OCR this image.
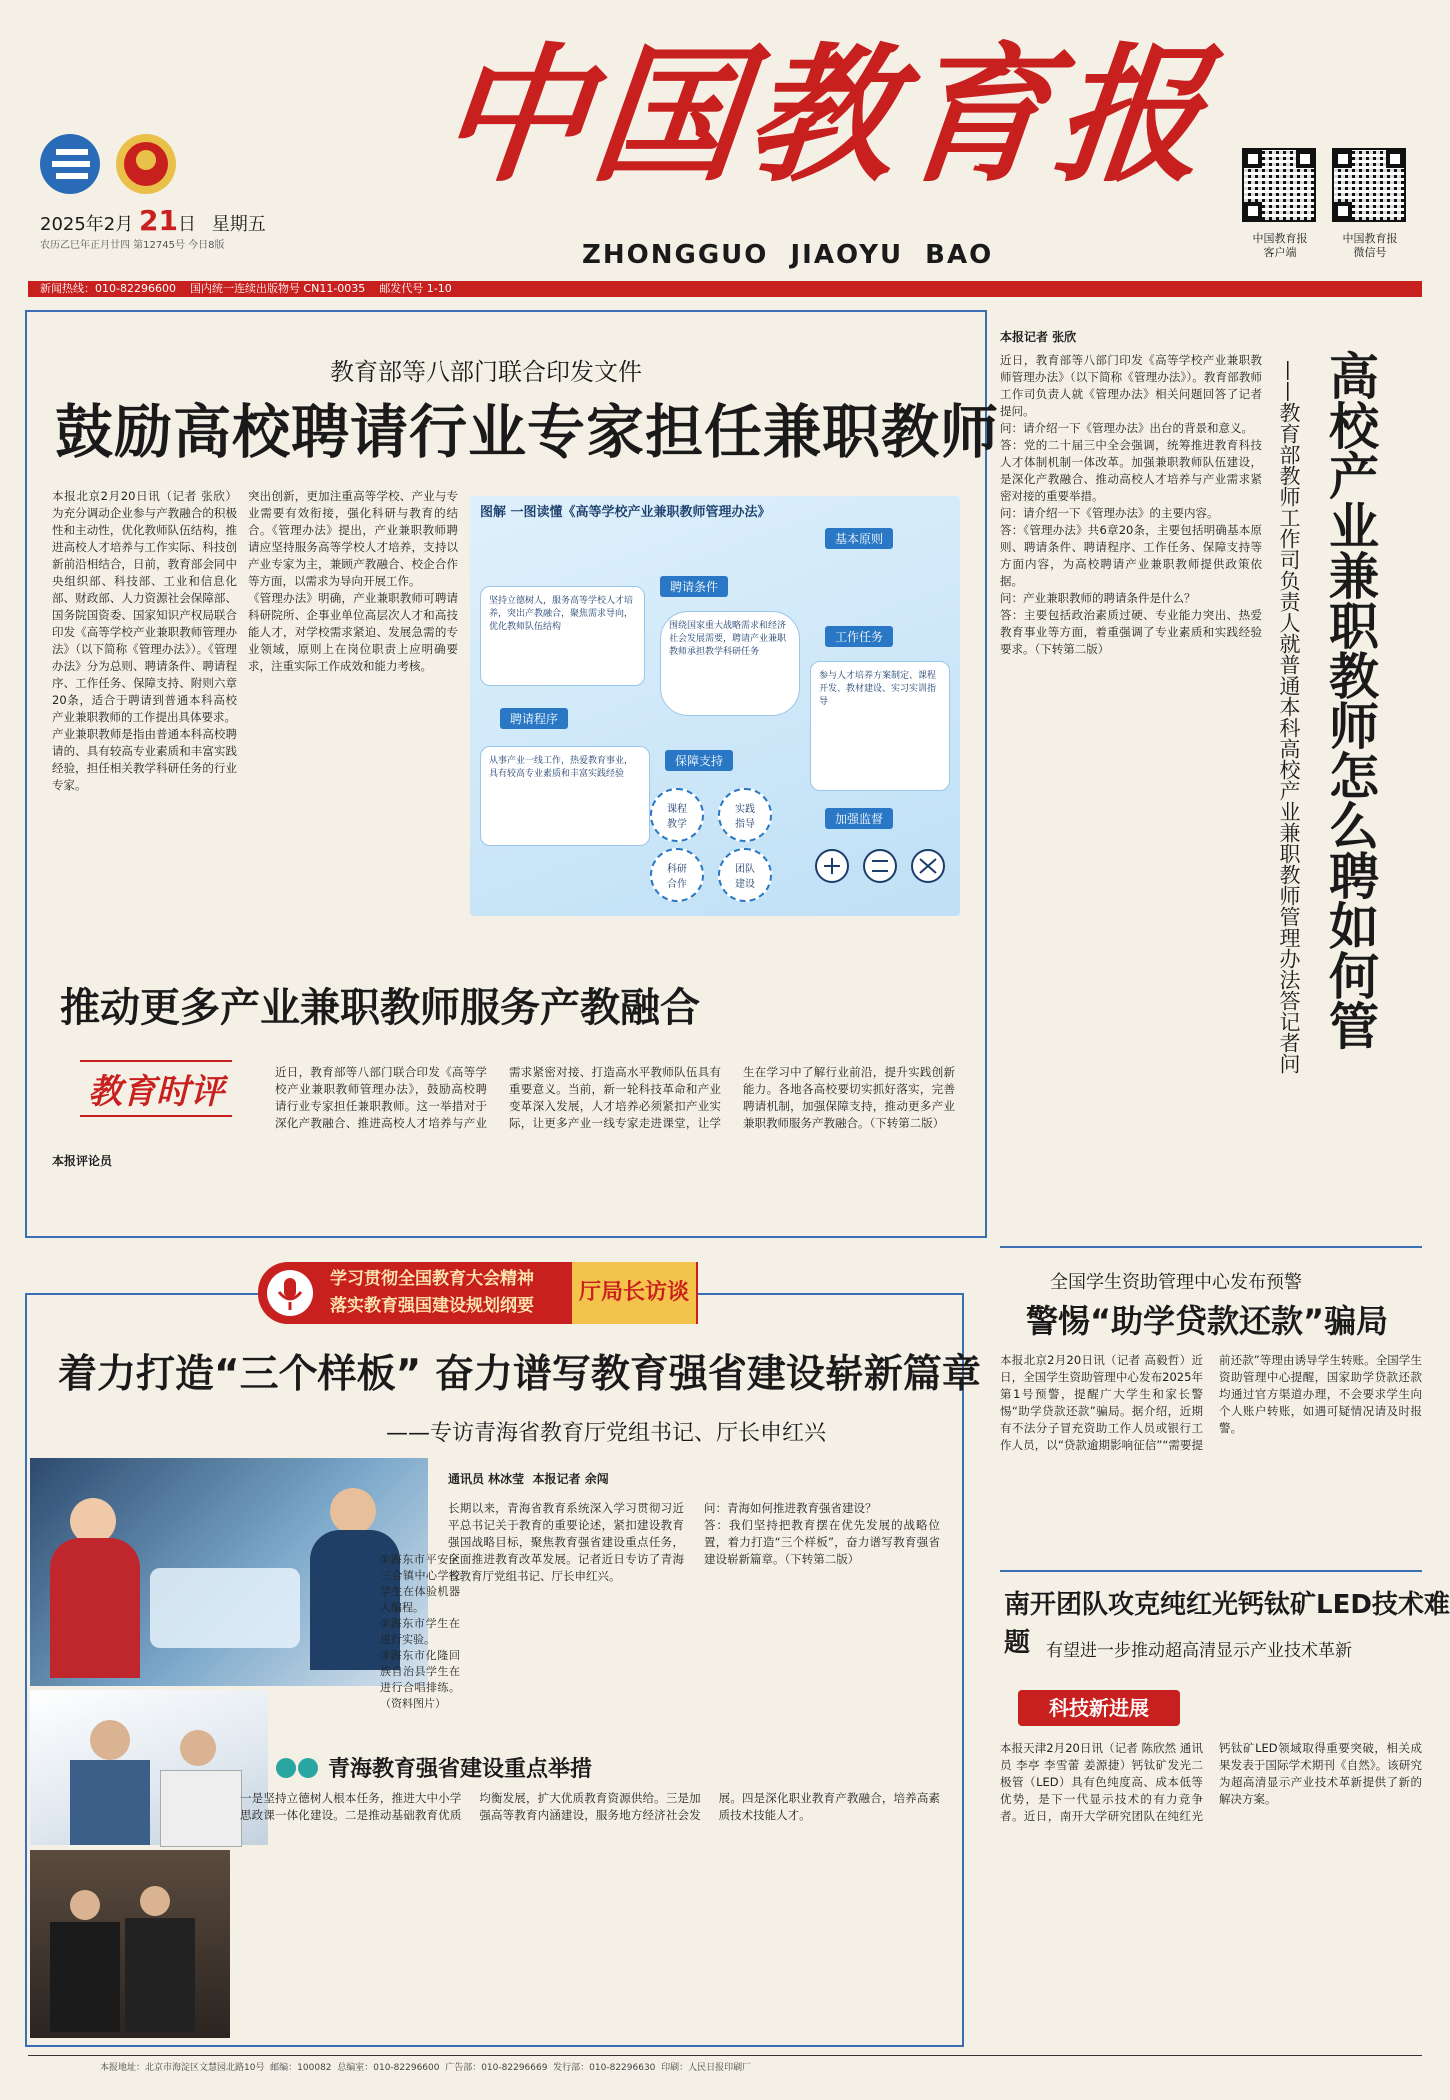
2025年2月 21日 星期五
农历乙巳年正月廿四 第12745号 今日8版
中国教育报
ZHONGGUO  JIAOYU  BAO
中国教育报
客户端
中国教育报
微信号
新闻热线：010-82296600    国内统一连续出版物号 CN11-0035    邮发代号 1-10
教育部等八部门联合印发文件
鼓励高校聘请行业专家担任兼职教师
本报北京2月20日讯（记者 张欣）为充分调动企业参与产教融合的积极性和主动性，优化教师队伍结构，推进高校人才培养与工作实际、科技创新前沿相结合，日前，教育部会同中央组织部、科技部、工业和信息化部、财政部、人力资源社会保障部、国务院国资委、国家知识产权局联合印发《高等学校产业兼职教师管理办法》（以下简称《管理办法》）。《管理办法》分为总则、聘请条件、聘请程序、工作任务、保障支持、附则六章20条，适合于聘请到普通本科高校产业兼职教师的工作提出具体要求。
产业兼职教师是指由普通本科高校聘请的、具有较高专业素质和丰富实践经验，担任相关教学科研任务的行业专家。
突出创新，更加注重高等学校、产业与专业需要有效衔接，强化科研与教育的结合。《管理办法》提出，产业兼职教师聘请应坚持服务高等学校人才培养，支持以产业专家为主，兼顾产教融合、校企合作等方面，以需求为导向开展工作。
《管理办法》明确，产业兼职教师可聘请科研院所、企事业单位高层次人才和高技能人才，对学校需求紧迫、发展急需的专业领域，原则上在岗位职责上应明确要求，注重实际工作成效和能力考核。
图解 一图读懂《高等学校产业兼职教师管理办法》
基本原则
聘请条件
工作任务
聘请程序
保障支持
加强监督
坚持立德树人，服务高等学校人才培养，突出产教融合，聚焦需求导向，优化教师队伍结构	围绕国家重大战略需求和经济社会发展需要，聘请产业兼职教师承担教学科研任务
参与人才培养方案制定、课程开发、教材建设、实习实训指导
从事产业一线工作，热爱教育事业，具有较高专业素质和丰富实践经验
课程
教学
实践
指导
科研
合作
团队
建设
推动更多产业兼职教师服务产教融合
教育时评
本报评论员
近日，教育部等八部门联合印发《高等学校产业兼职教师管理办法》，鼓励高校聘请行业专家担任兼职教师。这一举措对于深化产教融合、推进高校人才培养与产业需求紧密对接、打造高水平教师队伍具有重要意义。当前，新一轮科技革命和产业变革深入发展，人才培养必须紧扣产业实际，让更多产业一线专家走进课堂，让学生在学习中了解行业前沿，提升实践创新能力。各地各高校要切实抓好落实，完善聘请机制，加强保障支持，推动更多产业兼职教师服务产教融合。（下转第二版）
本报记者 张欣
高校产业兼职教师怎么聘如何管
——教育部教师工作司负责人就普通本科高校产业兼职教师管理办法答记者问
近日，教育部等八部门印发《高等学校产业兼职教师管理办法》（以下简称《管理办法》）。教育部教师工作司负责人就《管理办法》相关问题回答了记者提问。
问：请介绍一下《管理办法》出台的背景和意义。
答：党的二十届三中全会强调，统筹推进教育科技人才体制机制一体改革。加强兼职教师队伍建设，是深化产教融合、推动高校人才培养与产业需求紧密对接的重要举措。
问：请介绍一下《管理办法》的主要内容。
答：《管理办法》共6章20条，主要包括明确基本原则、聘请条件、聘请程序、工作任务、保障支持等方面内容，为高校聘请产业兼职教师提供政策依据。
问：产业兼职教师的聘请条件是什么？
答：主要包括政治素质过硬、专业能力突出、热爱教育事业等方面，着重强调了专业素质和实践经验要求。（下转第二版）
学习贯彻全国教育大会精神
落实教育强国建设规划纲要
厅局长访谈
着力打造“三个样板” 奋力谱写教育强省建设崭新篇章
——专访青海省教育厅党组书记、厅长申红兴
通讯员 林冰莹  本报记者 余闯
①海东市平安区三合镇中心学校学生在体验机器人编程。
②海东市学生在进行实验。
③海东市化隆回族自治县学生在进行合唱排练。（资料图片）
长期以来，青海省教育系统深入学习贯彻习近平总书记关于教育的重要论述，紧扣建设教育强国战略目标，聚焦教育强省建设重点任务，全面推进教育改革发展。记者近日专访了青海省教育厅党组书记、厅长申红兴。
问：青海如何推进教育强省建设？
答：我们坚持把教育摆在优先发展的战略位置，着力打造“三个样板”，奋力谱写教育强省建设崭新篇章。（下转第二版）
青海教育强省建设重点举措
一是坚持立德树人根本任务，推进大中小学思政课一体化建设。二是推动基础教育优质均衡发展，扩大优质教育资源供给。三是加强高等教育内涵建设，服务地方经济社会发展。四是深化职业教育产教融合，培养高素质技术技能人才。
全国学生资助管理中心发布预警
警惕“助学贷款还款”骗局
本报北京2月20日讯（记者 高毅哲）近日，全国学生资助管理中心发布2025年第1号预警，提醒广大学生和家长警惕“助学贷款还款”骗局。据介绍，近期有不法分子冒充资助工作人员或银行工作人员，以“贷款逾期影响征信”“需要提前还款”等理由诱导学生转账。全国学生资助管理中心提醒，国家助学贷款还款均通过官方渠道办理，不会要求学生向个人账户转账，如遇可疑情况请及时报警。
南开团队攻克纯红光钙钛矿LED技术难题 有望进一步推动超高清显示产业技术革新
科技新进展
本报天津2月20日讯（记者 陈欣然 通讯员 李亭 李雪蕾 姜源捷）钙钛矿发光二极管（LED）具有色纯度高、成本低等优势，是下一代显示技术的有力竞争者。近日，南开大学研究团队在纯红光钙钛矿LED领域取得重要突破，相关成果发表于国际学术期刊《自然》。该研究为超高清显示产业技术革新提供了新的解决方案。
本报地址：北京市海淀区文慧园北路10号  邮编：100082  总编室：010-82296600  广告部：010-82296669  发行部：010-82296630  印刷：人民日报印刷厂
